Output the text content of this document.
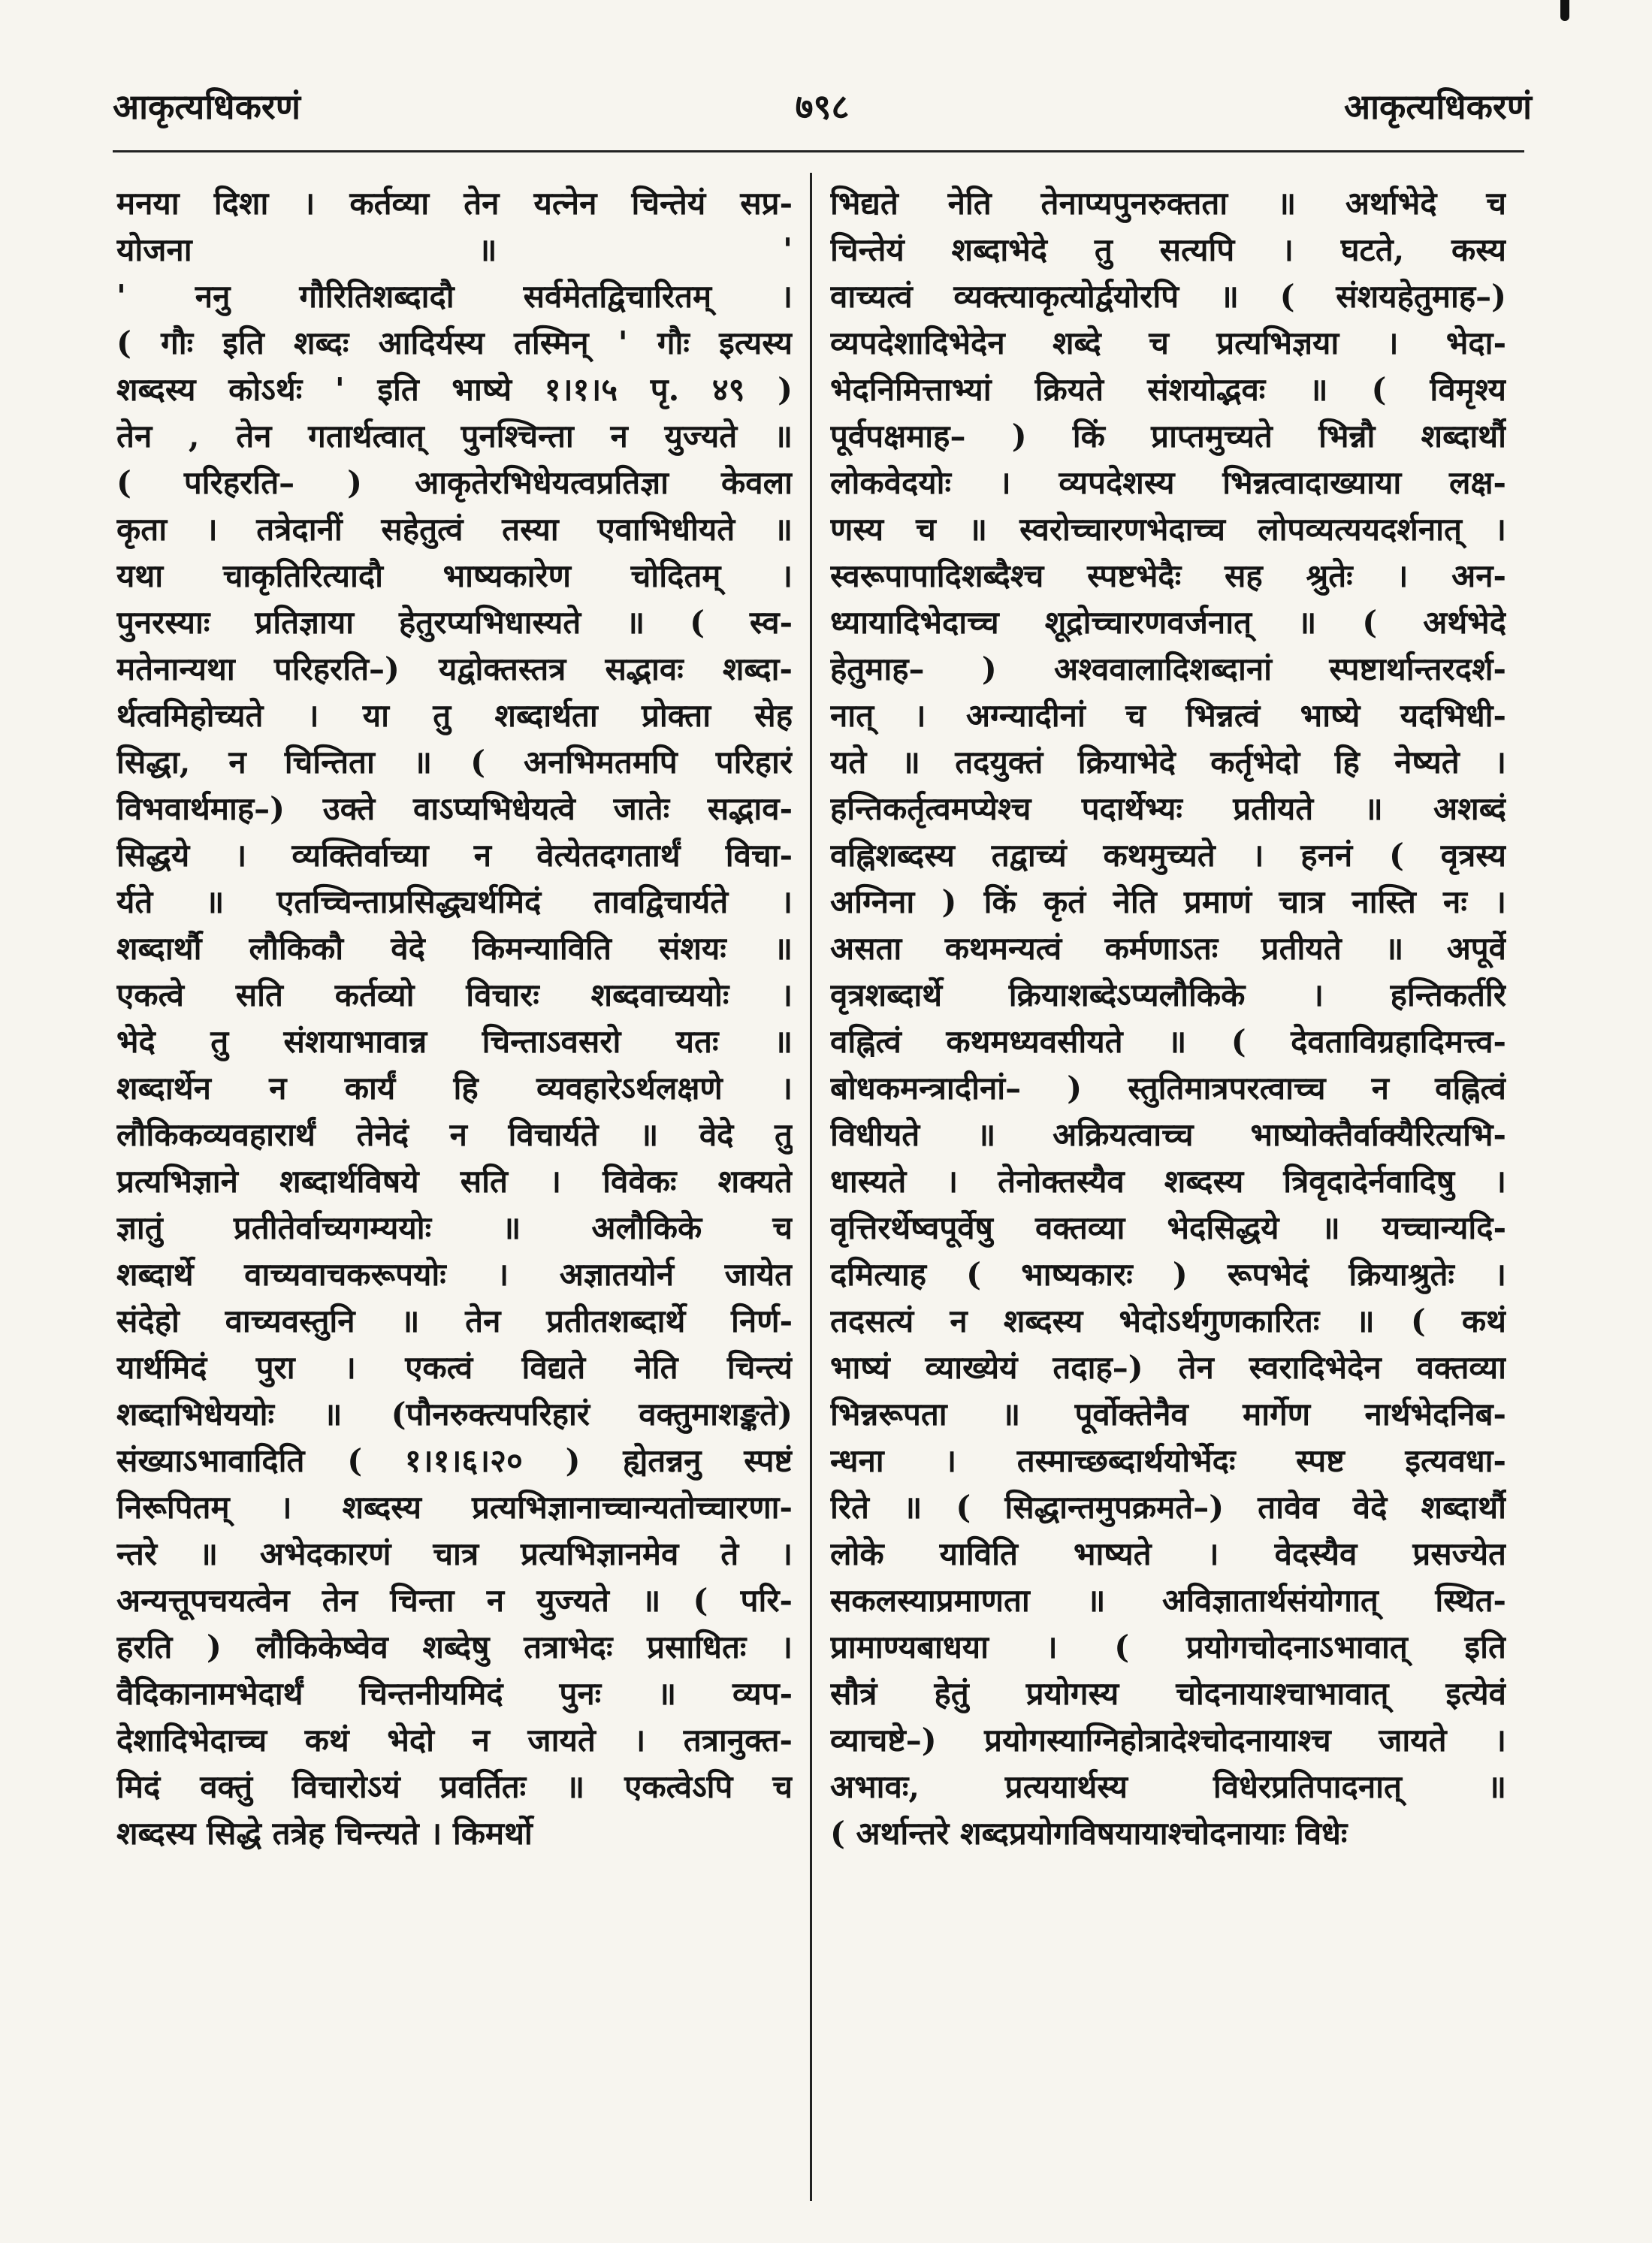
आकृत्यधिकरणं	७९८	आकृत्यधिकरणं
मनया दिशा । कर्तव्या तेन यत्नेन चिन्तेयं सप्र-
योजना ॥ '
' ननु गौरितिशब्दादौ सर्वमेतद्विचारितम् ।
( गौः इति शब्दः आदिर्यस्य तस्मिन् ' गौः इत्यस्य
शब्दस्य कोऽर्थः ' इति भाष्ये १।१।५ पृ. ४९ )
तेन , तेन गतार्थत्वात् पुनश्चिन्ता न युज्यते ॥
( परिहरति– ) आकृतेरभिधेयत्वप्रतिज्ञा केवला
कृता । तत्रेदानीं सहेतुत्वं तस्या एवाभिधीयते ॥
यथा चाकृतिरित्यादौ भाष्यकारेण चोदितम् ।
पुनरस्याः प्रतिज्ञाया हेतुरप्यभिधास्यते ॥ ( स्व-
मतेनान्यथा परिहरति–) यद्वोक्तस्तत्र सद्भावः शब्दा-
र्थत्वमिहोच्यते । या तु शब्दार्थता प्रोक्ता सेह
सिद्धा, न चिन्तिता ॥ ( अनभिमतमपि परिहारं
विभवार्थमाह–) उक्ते वाऽप्यभिधेयत्वे जातेः सद्भाव-
सिद्धये । व्यक्तिर्वाच्या न वेत्येतदगतार्थं विचा-
र्यते ॥ एतच्चिन्ताप्रसिद्ध्यर्थमिदं तावद्विचार्यते ।
शब्दार्थौ लौकिकौ वेदे किमन्याविति संशयः ॥
एकत्वे सति कर्तव्यो विचारः शब्दवाच्ययोः ।
भेदे तु संशयाभावान्न चिन्ताऽवसरो यतः ॥
शब्दार्थेन न कार्यं हि व्यवहारेऽर्थलक्षणे ।
लौकिकव्यवहारार्थं तेनेदं न विचार्यते ॥ वेदे तु
प्रत्यभिज्ञाने शब्दार्थविषये सति । विवेकः शक्यते
ज्ञातुं प्रतीतेर्वाच्यगम्ययोः ॥ अलौकिके च
शब्दार्थे वाच्यवाचकरूपयोः । अज्ञातयोर्न जायेत
संदेहो वाच्यवस्तुनि ॥ तेन प्रतीतशब्दार्थे निर्ण-
यार्थमिदं पुरा । एकत्वं विद्यते नेति चिन्त्यं
शब्दाभिधेययोः ॥ (पौनरुक्त्यपरिहारं वक्तुमाशङ्कते)
संख्याऽभावादिति ( १।१।६।२० ) ह्येतन्ननु स्पष्टं
निरूपितम् । शब्दस्य प्रत्यभिज्ञानाच्चान्यतोच्चारणा-
न्तरे ॥ अभेदकारणं चात्र प्रत्यभिज्ञानमेव ते ।
अन्यत्तूपचयत्वेन तेन चिन्ता न युज्यते ॥ ( परि-
हरति ) लौकिकेष्वेव शब्देषु तत्राभेदः प्रसाधितः ।
वैदिकानामभेदार्थं चिन्तनीयमिदं पुनः ॥ व्यप-
देशादिभेदाच्च कथं भेदो न जायते । तत्रानुक्त-
मिदं वक्तुं विचारोऽयं प्रवर्तितः ॥ एकत्वेऽपि च
शब्दस्य सिद्धे तत्रेह चिन्त्यते । किमर्थो
भिद्यते नेति तेनाप्यपुनरुक्तता ॥ अर्थाभेदे च
चिन्तेयं शब्दाभेदे तु सत्यपि । घटते, कस्य
वाच्यत्वं व्यक्त्याकृत्योर्द्वयोरपि ॥ ( संशयहेतुमाह–)
व्यपदेशादिभेदेन शब्दे च प्रत्यभिज्ञया । भेदा-
भेदनिमित्ताभ्यां क्रियते संशयोद्भवः ॥ ( विमृश्य
पूर्वपक्षमाह– ) किं प्राप्तमुच्यते भिन्नौ शब्दार्थौ
लोकवेदयोः । व्यपदेशस्य भिन्नत्वादाख्याया लक्ष-
णस्य च ॥ स्वरोच्चारणभेदाच्च लोपव्यत्ययदर्शनात् ।
स्वरूपापादिशब्दैश्च स्पष्टभेदैः सह श्रुतेः । अन-
ध्यायादिभेदाच्च शूद्रोच्चारणवर्जनात् ॥ ( अर्थभेदे
हेतुमाह– ) अश्ववालादिशब्दानां स्पष्टार्थान्तरदर्श-
नात् । अग्न्यादीनां च भिन्नत्वं भाष्ये यदभिधी-
यते ॥ तदयुक्तं क्रियाभेदे कर्तृभेदो हि नेष्यते ।
हन्तिकर्तृत्वमप्येश्च पदार्थेभ्यः प्रतीयते ॥ अशब्दं
वह्निशब्दस्य तद्वाच्यं कथमुच्यते । हननं ( वृत्रस्य
अग्निना ) किं कृतं नेति प्रमाणं चात्र नास्ति नः ।
असता कथमन्यत्वं कर्मणाऽतः प्रतीयते ॥ अपूर्वे
वृत्रशब्दार्थे क्रियाशब्देऽप्यलौकिके । हन्तिकर्तरि
वह्नित्वं कथमध्यवसीयते ॥ ( देवताविग्रहादिमत्त्व-
बोधकमन्त्रादीनां– ) स्तुतिमात्रपरत्वाच्च न वह्नित्वं
विधीयते ॥ अक्रियत्वाच्च भाष्योक्तैर्वाक्यैरित्यभि-
धास्यते । तेनोक्तस्यैव शब्दस्य त्रिवृदादेर्नवादिषु ।
वृत्तिरर्थेष्वपूर्वेषु वक्तव्या भेदसिद्धये ॥ यच्चान्यदि-
दमित्याह ( भाष्यकारः ) रूपभेदं क्रियाश्रुतेः ।
तदसत्यं न शब्दस्य भेदोऽर्थगुणकारितः ॥ ( कथं
भाष्यं व्याख्येयं तदाह–) तेन स्वरादिभेदेन वक्तव्या
भिन्नरूपता ॥ पूर्वोक्तेनैव मार्गेण नार्थभेदनिब-
न्धना । तस्माच्छब्दार्थयोर्भेदः स्पष्ट इत्यवधा-
रिते ॥ ( सिद्धान्तमुपक्रमते–) तावेव वेदे शब्दार्थौ
लोके याविति भाष्यते । वेदस्यैव प्रसज्येत
सकलस्याप्रमाणता ॥ अविज्ञातार्थसंयोगात् स्थित-
प्रामाण्यबाधया । ( प्रयोगचोदनाऽभावात् इति
सौत्रं हेतुं प्रयोगस्य चोदनायाश्चाभावात् इत्येवं
व्याचष्टे–) प्रयोगस्याग्निहोत्रादेश्चोदनायाश्च जायते ।
अभावः, प्रत्ययार्थस्य विधेरप्रतिपादनात् ॥
( अर्थान्तरे शब्दप्रयोगविषयायाश्चोदनायाः विधेः
